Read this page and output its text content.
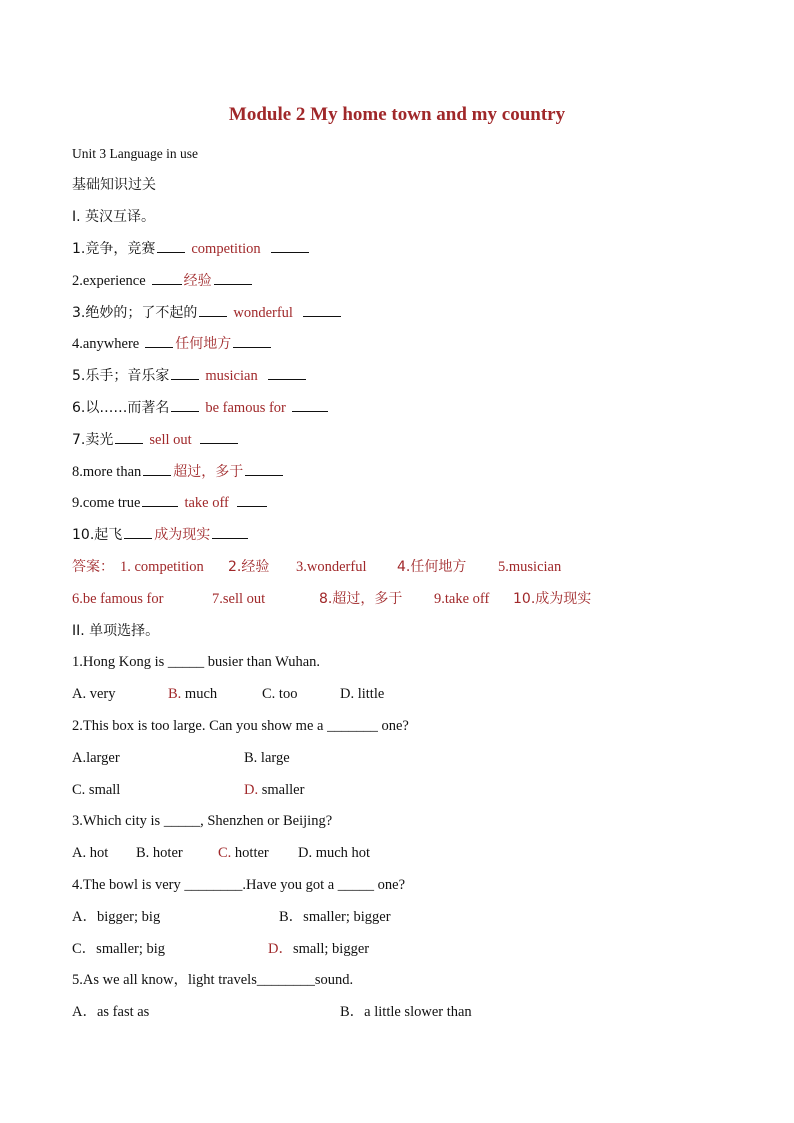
Module 2 My home town and my country
Unit 3 Language in use
基础知识过关
I. 英汉互译。
1.竞争，竞赛 competition
2.experience	经验
3.绝妙的；了不起的 wonderful
4.anywhere	任何地方
5.乐手；音乐家 musician
6.以……而著名 be famous for
7.卖光 sell out
8.more than 超过，多于
9.come true	take off
10.起飞 成为现实
答案： 1. competition 2.经验 3.wonderful 4.任何地方 5.musician
6.be famous for	7.sell out	8.超过，多于 9.take off 10.成为现实
II. 单项选择。
1.Hong Kong is _____ busier than Wuhan.
A. very	B. much	C. too	D. little
2.This box is too large. Can you show me a _______ one?
A.larger	B. large
C. small	D. smaller
3.Which city is _____, Shenzhen or Beijing?
A. hot B. hoter C. hotter D. much hot
4.The bowl is very ________.Have you got a _____ one?
A．bigger; big	B．smaller; bigger
C．smaller; big	D．small; bigger
5.As we all know，light travels________sound.
A．as fast as	B．a little slower than
